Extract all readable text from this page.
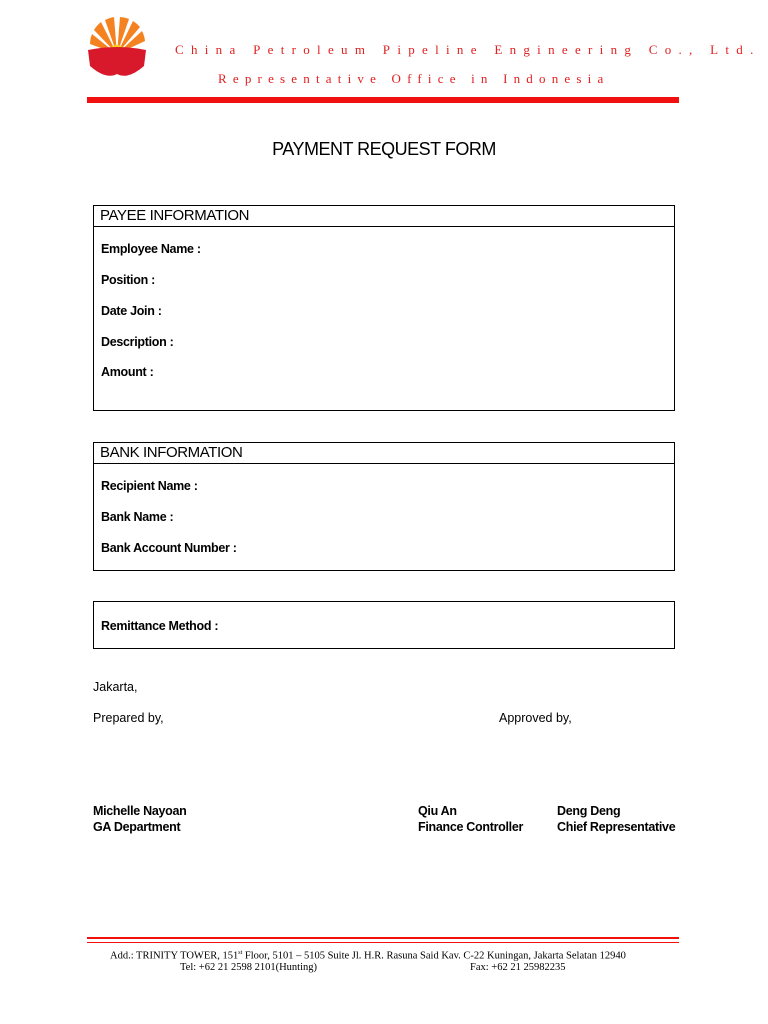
China Petroleum Pipeline Engineering Co., Ltd.
Representative Office in Indonesia
PAYMENT REQUEST FORM
PAYEE INFORMATION
Employee Name :
Position :
Date Join :
Description :
Amount :
BANK INFORMATION
Recipient Name :
Bank Name :
Bank Account Number :
Remittance Method :
Jakarta,
Prepared by,	Approved by,
Michelle Nayoan
GA Department
Qiu An
Finance Controller
Deng Deng
Chief Representative
Add.: TRINITY TOWER, 151st Floor, 5101 – 5105 Suite Jl. H.R. Rasuna Said Kav. C-22 Kuningan, Jakarta Selatan 12940
Tel: +62 21 2598 2101(Hunting)	Fax: +62 21 25982235
